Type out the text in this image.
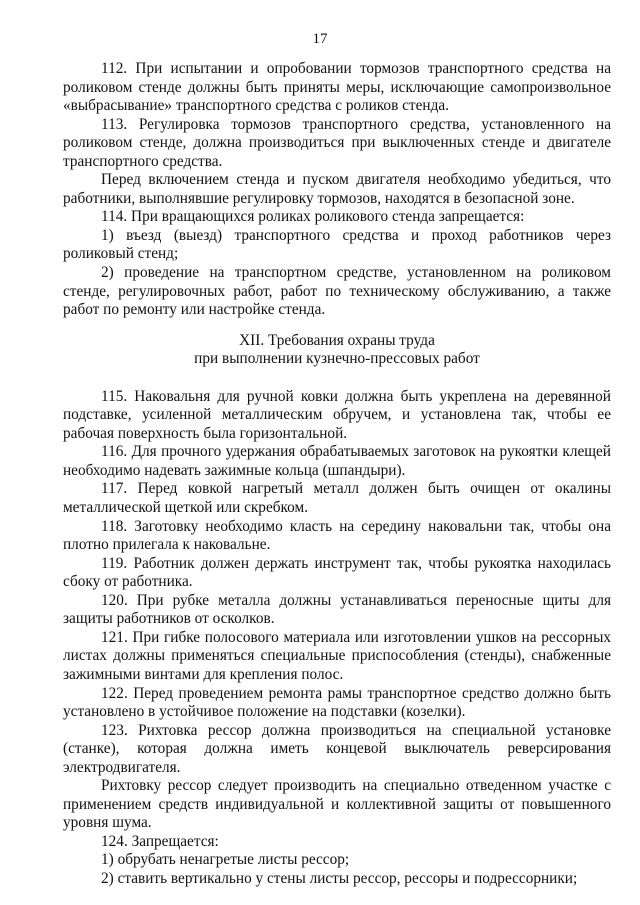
17

112. При испытании и опробовании тормозов транспортного средства на роликовом стенде должны быть приняты меры, исключающие самопроизвольное «выбрасывание» транспортного средства с роликов стенда.

113. Регулировка тормозов транспортного средства, установленного на роликовом стенде, должна производиться при выключенных стенде и двигателе транспортного средства.

Перед включением стенда и пуском двигателя необходимо убедиться, что работники, выполнявшие регулировку тормозов, находятся в безопасной зоне.

114. При вращающихся роликах роликового стенда запрещается:

1) въезд (выезд) транспортного средства и проход работников через роликовый стенд;

2) проведение на транспортном средстве, установленном на роликовом стенде, регулировочных работ, работ по техническому обслуживанию, а также работ по ремонту или настройке стенда.

XII. Требования охраны труда
при выполнении кузнечно-прессовых работ

115. Наковальня для ручной ковки должна быть укреплена на деревянной подставке, усиленной металлическим обручем, и установлена так, чтобы ее рабочая поверхность была горизонтальной.

116. Для прочного удержания обрабатываемых заготовок на рукоятки клещей необходимо надевать зажимные кольца (шпандыри).

117. Перед ковкой нагретый металл должен быть очищен от окалины металлической щеткой или скребком.

118. Заготовку необходимо класть на середину наковальни так, чтобы она плотно прилегала к наковальне.

119. Работник должен держать инструмент так, чтобы рукоятка находилась сбоку от работника.

120. При рубке металла должны устанавливаться переносные щиты для защиты работников от осколков.

121. При гибке полосового материала или изготовлении ушков на рессорных листах должны применяться специальные приспособления (стенды), снабженные зажимными винтами для крепления полос.

122. Перед проведением ремонта рамы транспортное средство должно быть установлено в устойчивое положение на подставки (козелки).

123. Рихтовка рессор должна производиться на специальной установке (станке), которая должна иметь концевой выключатель реверсирования электродвигателя.

Рихтовку рессор следует производить на специально отведенном участке с применением средств индивидуальной и коллективной защиты от повышенного уровня шума.

124. Запрещается:

1) обрубать ненагретые листы рессор;

2) ставить вертикально у стены листы рессор, рессоры и подрессорники;
